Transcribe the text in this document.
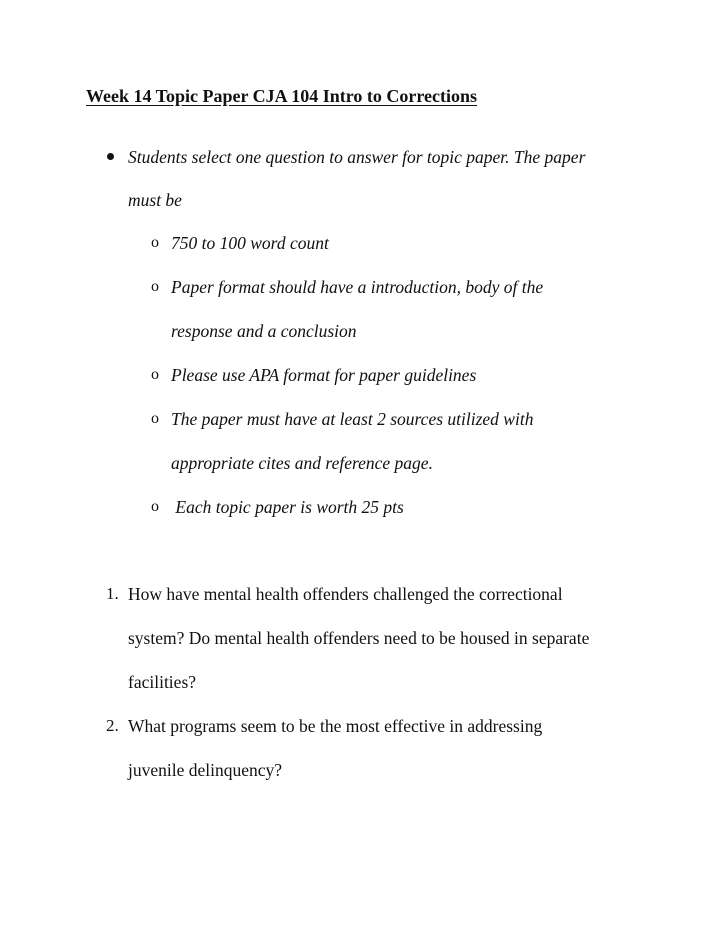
Week 14 Topic Paper CJA 104 Intro to Corrections
Students select one question to answer for topic paper. The paper
must be
o 750 to 100 word count
o Paper format should have a introduction, body of the
response and a conclusion
o Please use APA format for paper guidelines
o The paper must have at least 2 sources utilized with
appropriate cites and reference page.
o Each topic paper is worth 25 pts
1. How have mental health offenders challenged the correctional
system? Do mental health offenders need to be housed in separate
facilities?
2. What programs seem to be the most effective in addressing
juvenile delinquency?
